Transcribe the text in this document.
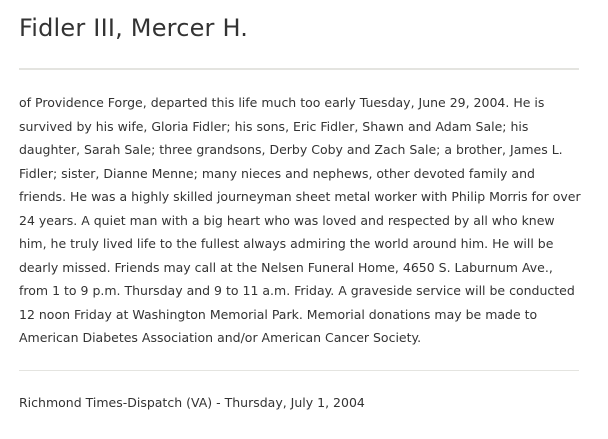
Fidler III, Mercer H.

of Providence Forge, departed this life much too early Tuesday, June 29, 2004. He is survived by his wife, Gloria Fidler; his sons, Eric Fidler, Shawn and Adam Sale; his daughter, Sarah Sale; three grandsons, Derby Coby and Zach Sale; a brother, James L. Fidler; sister, Dianne Menne; many nieces and nephews, other devoted family and friends. He was a highly skilled journeyman sheet metal worker with Philip Morris for over 24 years. A quiet man with a big heart who was loved and respected by all who knew him, he truly lived life to the fullest always admiring the world around him. He will be dearly missed. Friends may call at the Nelsen Funeral Home, 4650 S. Laburnum Ave., from 1 to 9 p.m. Thursday and 9 to 11 a.m. Friday. A graveside service will be conducted 12 noon Friday at Washington Memorial Park. Memorial donations may be made to American Diabetes Association and/or American Cancer Society.

Richmond Times-Dispatch (VA) - Thursday, July 1, 2004
